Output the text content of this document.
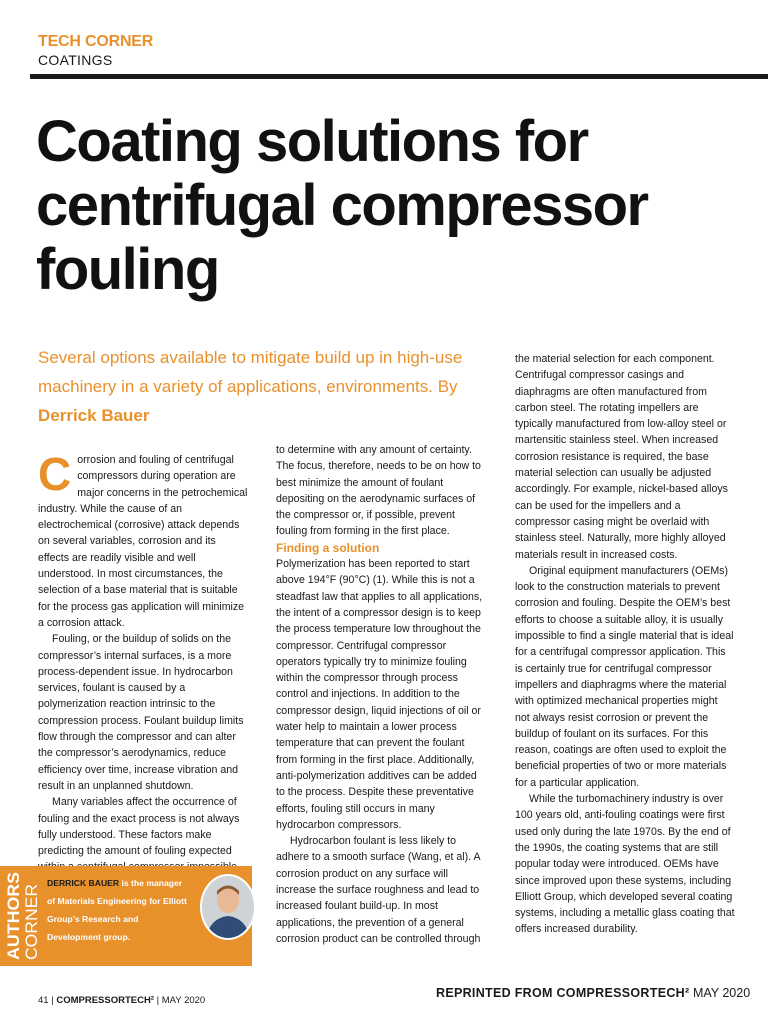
TECH CORNER
COATINGS
Coating solutions for centrifugal compressor fouling
Several options available to mitigate build up in high-use machinery in a variety of applications, environments. By Derrick Bauer

Corrosion and fouling of centrifugal compressors during operation are major concerns in the petrochemical industry. While the cause of an electrochemical (corrosive) attack depends on several variables, corrosion and its effects are readily visible and well understood. In most circumstances, the selection of a base material that is suitable for the process gas application will minimize a corrosion attack.

Fouling, or the buildup of solids on the compressor’s internal surfaces, is a more process-dependent issue. In hydrocarbon services, foulant is caused by a polymerization reaction intrinsic to the compression process. Foulant buildup limits flow through the compressor and can alter the compressor’s aerodynamics, reduce efficiency over time, increase vibration and result in an unplanned shutdown.

Many variables affect the occurrence of fouling and the exact process is not always fully understood. These factors make predicting the amount of fouling expected

to determine with any amount of certainty. The focus, therefore, needs to be on how to best minimize the amount of foulant depositing on the aerodynamic surfaces of the compressor or, if possible, prevent fouling from forming in the first place.

Finding a solution

Polymerization has been reported to start above 194°F (90°C) (1). While this is not a steadfast law that applies to all applications, the intent of a compressor design is to keep the process temperature low throughout the compressor. Centrifugal compressor operators typically try to minimize fouling within the compressor through process control and injections. In addition to the compressor design, liquid injections of oil or water help to maintain a lower process temperature that can prevent the foulant from forming in the first place. Additionally, anti-polymerization additives can be added to the process. Despite these preventative efforts, fouling still occurs in many hydrocarbon compressors.

Hydrocarbon foulant is less likely to adhere to a smooth surface (Wang, et al). A corrosion product on any surface will increase the surface roughness and lead to increased foulant build-up. In most applications, the prevention of a general corrosion product can be controlled through

the material selection for each component. Centrifugal compressor casings and diaphragms are often manufactured from carbon steel. The rotating impellers are typically manufactured from low-alloy steel or martensitic stainless steel. When increased corrosion resistance is required, the base material selection can usually be adjusted accordingly. For example, nickel-based alloys can be used for the impellers and a compressor casing might be overlaid with stainless steel. Naturally, more highly alloyed materials result in increased costs.

Original equipment manufacturers (OEMs) look to the construction materials to prevent corrosion and fouling. Despite the OEM’s best efforts to choose a suitable alloy, it is usually impossible to find a single material that is ideal for a centrifugal compressor application. This is certainly true for centrifugal compressor impellers and diaphragms where the material with optimized mechanical properties might not always resist corrosion or prevent the buildup of foulant on its surfaces. For this reason, coatings are often used to exploit the beneficial properties of two or more materials for a particular application.

While the turbomachinery industry is over 100 years old, anti-fouling coatings were first used only during the late 1970s. By the end of the 1990s, the coating systems that are still popular today were introduced. OEMs have since improved upon these systems, including Elliott Group, which developed several coating systems, including a metallic glass coating that offers increased durability.

AUTHORS CORNER
DERRICK BAUER is the manager of Materials Engineering for Elliott Group’s Research and Development group.
41 | COMPRESSORTECH² | MAY 2020
REPRINTED FROM COMPRESSORTECH² MAY 2020
